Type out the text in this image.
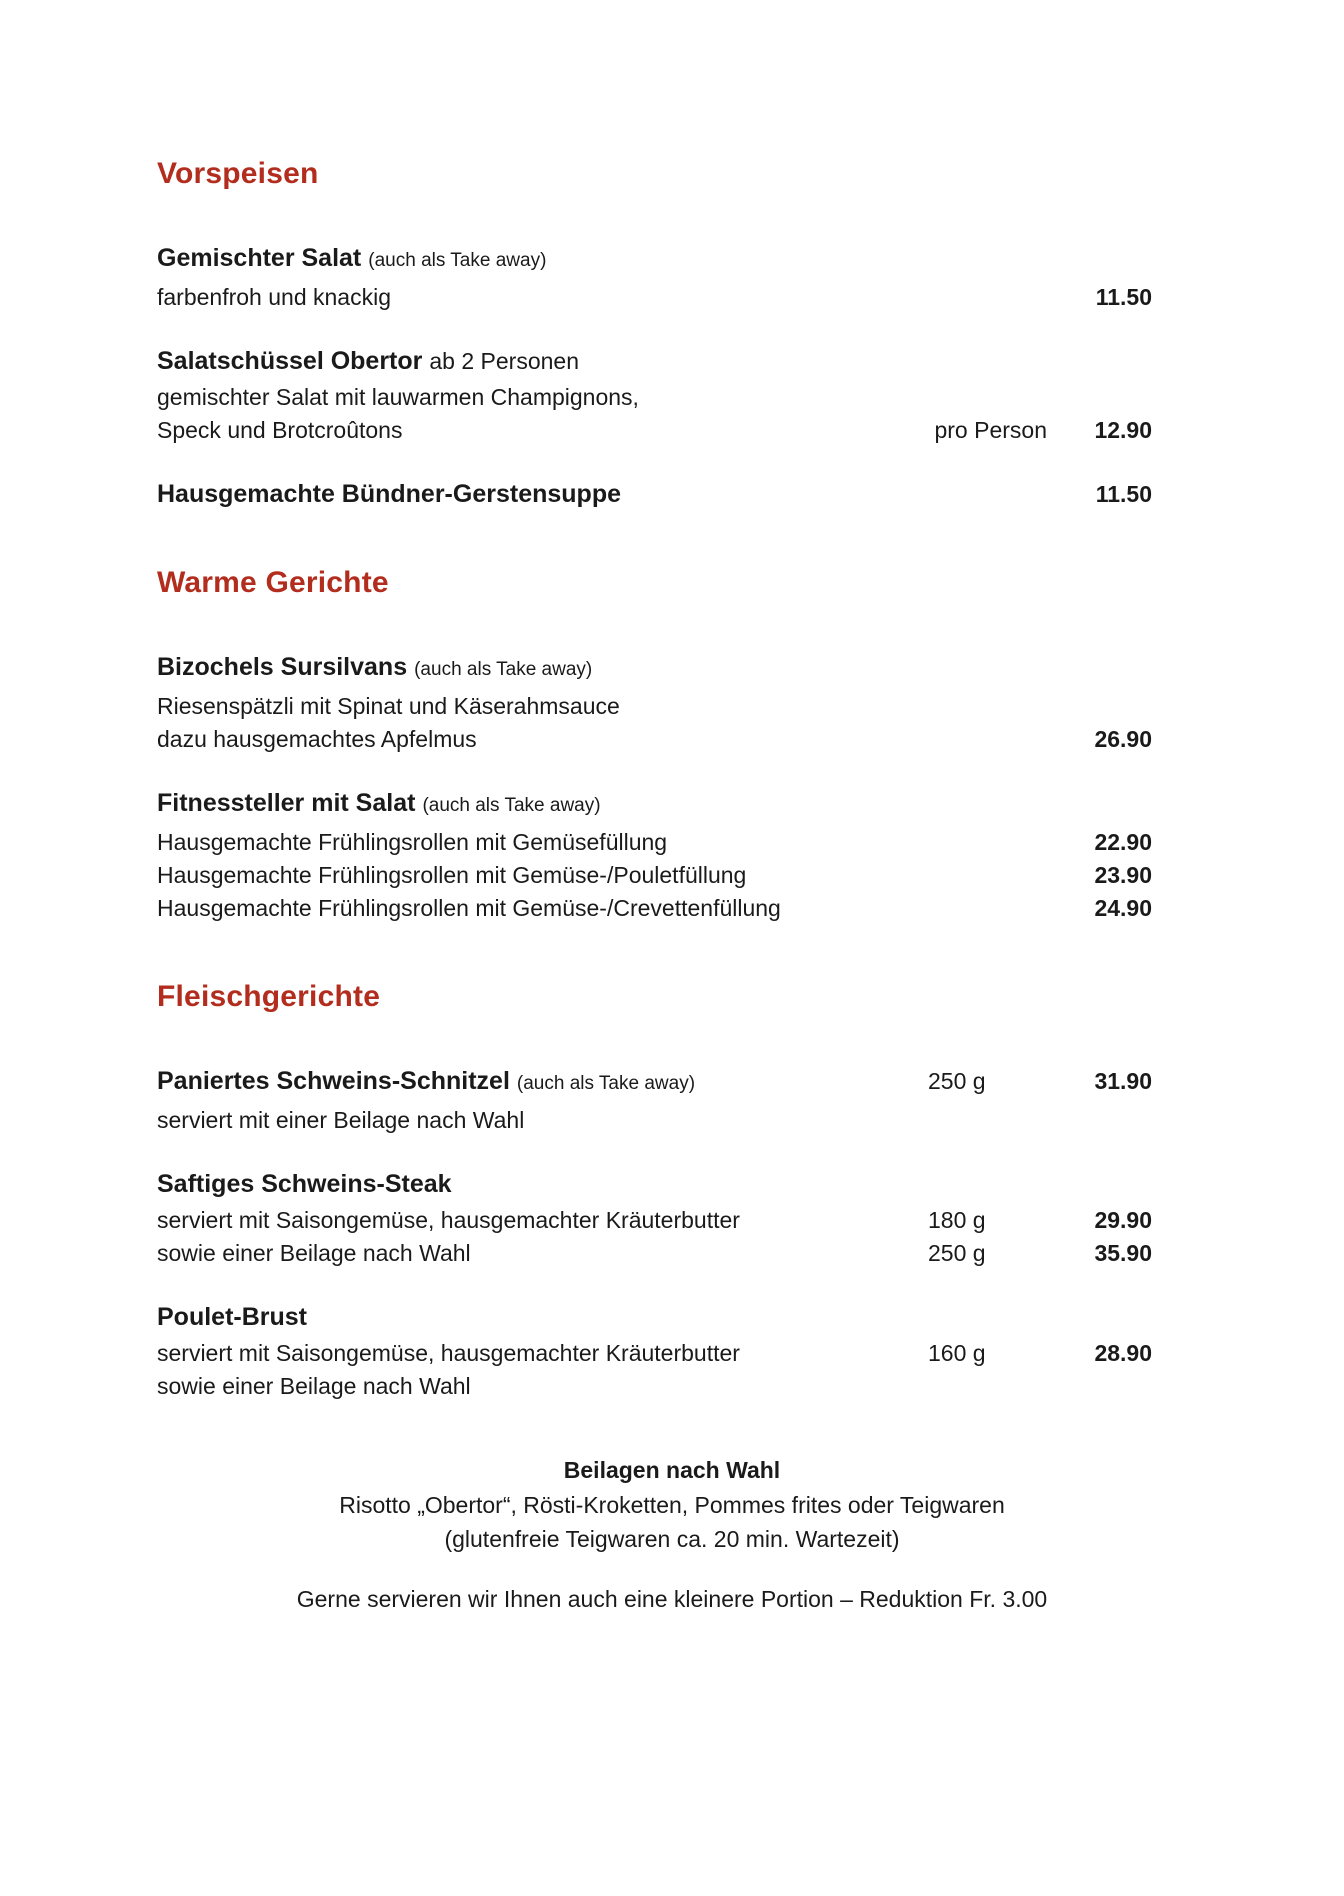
Vorspeisen
Gemischter Salat (auch als Take away)
farbenfroh und knackig	11.50
Salatschüssel Obertor ab 2 Personen
gemischter Salat mit lauwarmen Champignons,
Speck und Brotcroûtons	pro Person	12.90
Hausgemachte Bündner-Gerstensuppe	11.50
Warme Gerichte
Bizochels Sursilvans (auch als Take away)
Riesenspätzli mit Spinat und Käserahmsauce
dazu hausgemachtes Apfelmus	26.90
Fitnessteller mit Salat (auch als Take away)
Hausgemachte Frühlingsrollen mit Gemüsefüllung	22.90
Hausgemachte Frühlingsrollen mit Gemüse-/Pouletfüllung	23.90
Hausgemachte Frühlingsrollen mit Gemüse-/Crevettenfüllung	24.90
Fleischgerichte
Paniertes Schweins-Schnitzel (auch als Take away)	250 g	31.90
serviert mit einer Beilage nach Wahl
Saftiges Schweins-Steak
serviert mit Saisongemüse, hausgemachter Kräuterbutter	180 g	29.90
sowie einer Beilage nach Wahl	250 g	35.90
Poulet-Brust
serviert mit Saisongemüse, hausgemachter Kräuterbutter	160 g	28.90
sowie einer Beilage nach Wahl
Beilagen nach Wahl
Risotto „Obertor“, Rösti-Kroketten, Pommes frites oder Teigwaren
(glutenfreie Teigwaren ca. 20 min. Wartezeit)
Gerne servieren wir Ihnen auch eine kleinere Portion – Reduktion Fr. 3.00
